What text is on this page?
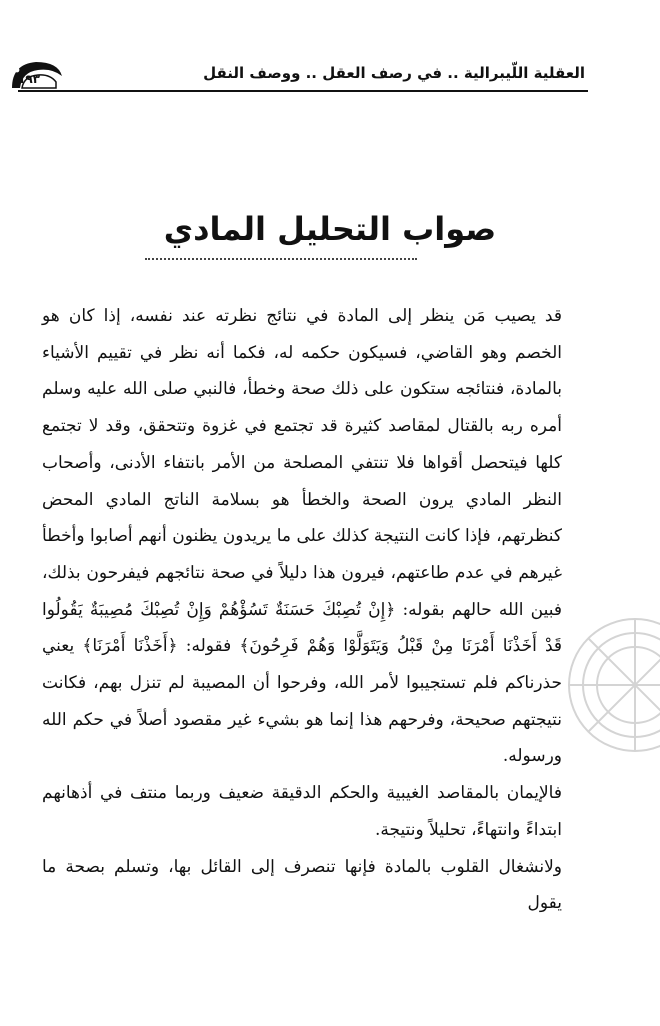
١٩٣	العقلية اللّيبرالية .. في رصف العقل .. ووصف النقل
صواب التحليل المادي

قد يصيب مَن ينظر إلى المادة في نتائج نظرته عند نفسه، إذا كان هو الخصم وهو القاضي، فسيكون حكمه له، فكما أنه نظر في تقييم الأشياء بالمادة، فنتائجه ستكون على ذلك صحة وخطأ، فالنبي صلى الله عليه وسلم أمره ربه بالقتال لمقاصد كثيرة قد تجتمع في غزوة وتتحقق، وقد لا تجتمع كلها فيتحصل أقواها فلا تنتفي المصلحة من الأمر بانتفاء الأدنى، وأصحاب النظر المادي يرون الصحة والخطأ هو بسلامة الناتج المادي المحض كنظرتهم، فإذا كانت النتيجة كذلك على ما يريدون يظنون أنهم أصابوا وأخطأ غيرهم في عدم طاعتهم، فيرون هذا دليلاً في صحة نتائجهم فيفرحون بذلك، فبين الله حالهم بقوله: ﴿إِنْ تُصِبْكَ حَسَنَةٌ تَسُؤْهُمْ وَإِنْ تُصِبْكَ مُصِيبَةٌ يَقُولُوا قَدْ أَخَذْنَا أَمْرَنَا مِنْ قَبْلُ وَيَتَوَلَّوْا وَهُمْ فَرِحُونَ﴾ فقوله: ﴿أَخَذْنَا أَمْرَنَا﴾ يعني حذرناكم فلم تستجيبوا لأمر الله، وفرحوا أن المصيبة لم تنزل بهم، فكانت نتيجتهم صحيحة، وفرحهم هذا إنما هو بشيء غير مقصود أصلاً في حكم الله ورسوله.

فالإيمان بالمقاصد الغيبية والحكم الدقيقة ضعيف وربما منتف في أذهانهم ابتداءً وانتهاءً، تحليلاً ونتيجة.

ولانشغال القلوب بالمادة فإنها تنصرف إلى القائل بها، وتسلم بصحة ما يقول
